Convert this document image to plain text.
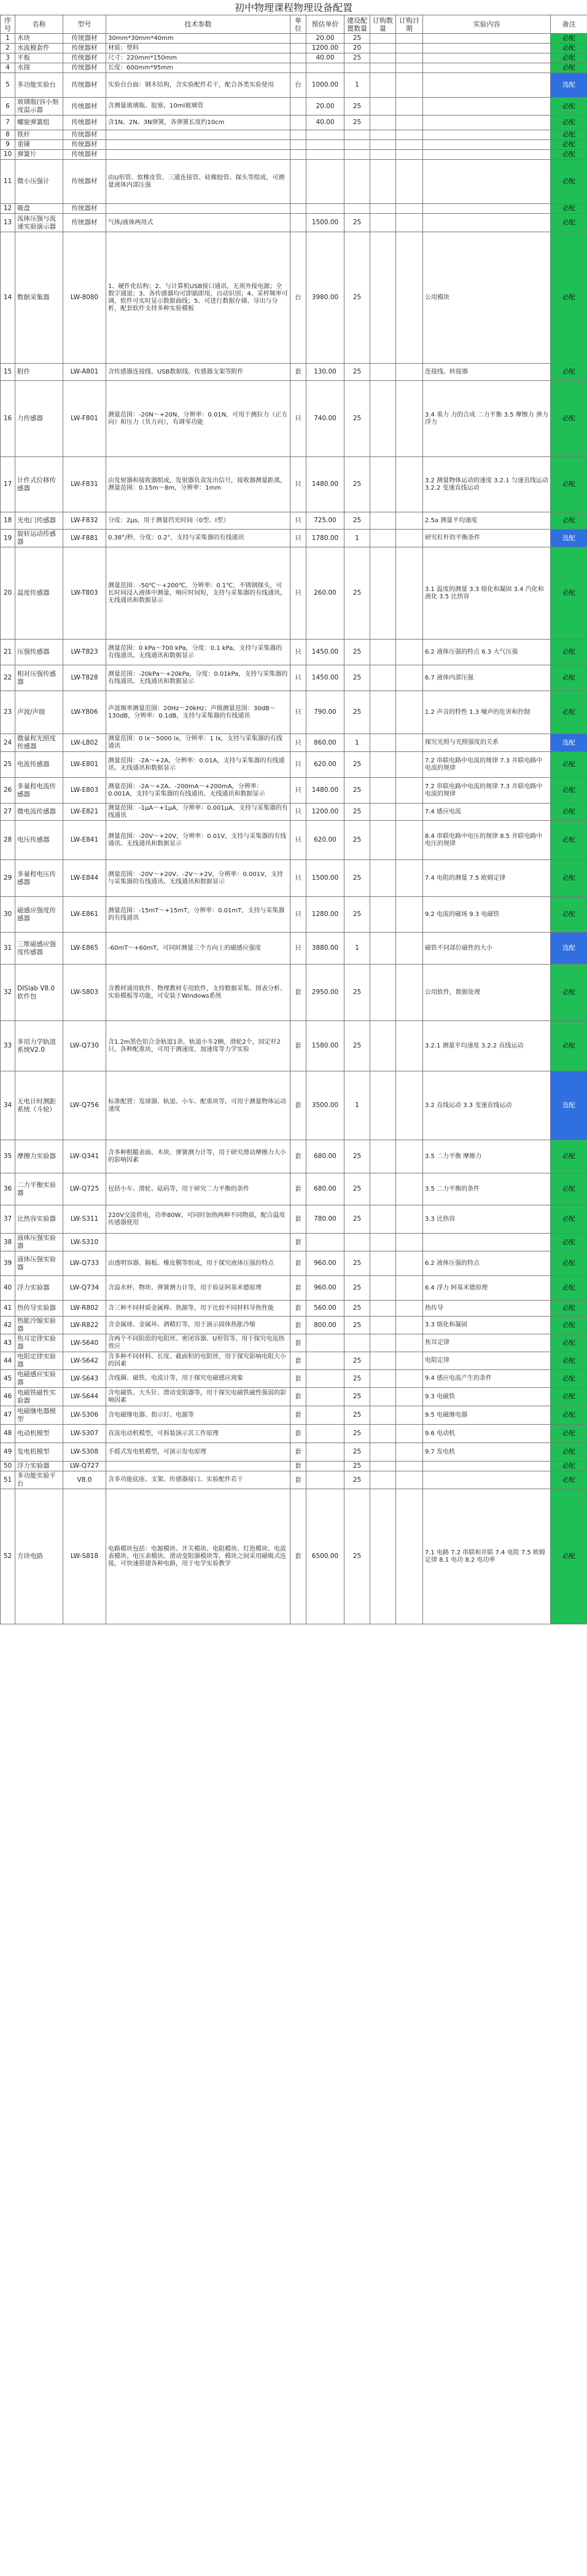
初中物理课程物理设备配置
序号	名称	型号	技术参数	单位	预估单价	建设配置数量	订购数量	订购日期	实验内容	备注
1	木块	传统器材	30mm*30mm*40mm		20.00	25				必配
2	水流模套件	传统器材	材质：塑料		1200.00	20				必配
3	平板	传统器材	尺寸：220mm*150mm		40.00	25				必配
4	水探	传统器材	长度：600mm*95mm							必配
5	多功能实验台	传统器材	实验台台面：钢木结构，含实验配件若干，配合各类实验使用	台	1000.00	1				选配
6	玻璃瓶(容小刻度温示器	传统器材	含测量玻璃瓶、胶塞、10ml玻璃管		20.00	25				必配
7	螺旋弹簧组	传统器材	含1N、2N、3N弹簧，各弹簧长度约10cm		40.00	25				必配
8	铁杆	传统器材								必配
9	重锤	传统器材								必配
10	弹簧片	传统器材								必配
11	微小压强计	传统器材	由U形管、软橡皮管、三通连接管、硅橡胶管、探头等组成，可测量液体内部压强							必配
12	吸盘	传统器材								必配
13	流体压强与流速实验演示器	传统器材	气体/液体两用式		1500.00	25				必配
14	数据采集器	LW-8080	1、硬件化结构；2、与计算机USB接口通讯，无须外接电源；全数字通道；3、各传感器均可即插即用，自动识别；4、采样频率可调，软件可实时显示数据曲线；5、可进行数据存储、导出与分析，配套软件支持多种实验模板	台	3980.00	25			公用模块	必配
15	附件	LW-A801	含传感器连接线、USB数据线、传感器支架等附件	套	130.00	25			连接线、转接器	必配
16	力传感器	LW-F801	测量范围：-20N～+20N，分辨率：0.01N，可用于测拉力（正方向）和压力（负方向），有调零功能	只	740.00	25			3.4 重力 力的合成 二力平衡 3.5 摩擦力 弹力 浮力	必配
17	计件式位移传感器	LW-F831	由发射器和接收器组成，发射器负责发出信号，接收器测量距离，测量范围：0.15m～8m，分辨率：1mm	只	1480.00	25			3.2 测量物体运动的速度 3.2.1 匀速直线运动 3.2.2 变速直线运动	必配
18	光电门传感器	LW-F832	分度：2μs，用于测量挡光时间（0型、I型）	只	725.00	25			2.5a 测量平均速度	必配
19	旋转运动传感器	LW-F881	0.38°/秒，分度：0.2°，支持与采集器的有线通讯	只	1780.00	1			研究杠杆的平衡条件	选配
20	温度传感器	LW-T803	测量范围：-50℃～+200℃，分辨率：0.1℃，不锈钢探头，可长时间浸入液体中测量，响应时间短，支持与采集器的有线通讯，无线通讯和数据显示	只	260.00	25			3.1 温度的测量 3.3 熔化和凝固 3.4 汽化和液化 3.5 比热容	必配
21	压强传感器	LW-T823	测量范围：0 kPa～700 kPa，分度：0.1 kPa，支持与采集器的有线通讯、无线通讯和数据显示	只	1450.00	25			6.2 液体压强的特点 6.3 大气压强	必配
22	相对压强传感器	LW-T828	测量范围：-20kPa～+20kPa，分度：0.01kPa，支持与采集器的有线通讯、无线通讯和数据显示	只	1450.00	25			6.7 液体内部压强	必配
23	声波/声级	LW-Y806	声波频率测量范围：20Hz～20kHz；声级测量范围：30dB～130dB，分辨率：0.1dB，支持与采集器的有线通讯	只	790.00	25			1.2 声音的特性 1.3 噪声的危害和控制	必配
24	微量程光照度传感器	LW-L802	测量范围：0 lx～5000 lx，分辨率：1 lx，支持与采集器的有线通讯	只	860.00	1			探究光照与光照强度的关系	选配
25	电流传感器	LW-E801	测量范围：-2A～+2A，分辨率：0.01A，支持与采集器的有线通讯、无线通讯和数据显示	只	620.00	25			7.2 串联电路中电流的规律 7.3 并联电路中电流的规律	必配
26	多量程电流传感器	LW-E803	测量范围：-2A～+2A、-200mA～+200mA，分辨率：0.001A，支持与采集器的有线通讯、无线通讯和数据显示	只	1480.00	25			7.2 串联电路中电流的规律 7.3 并联电路中电流的规律	必配
27	微电流传感器	LW-E821	测量范围：-1μA～+1μA，分辨率：0.001μA，支持与采集器的有线通讯	只	1200.00	25			7.4 感应电流	必配
28	电压传感器	LW-E841	测量范围：-20V～+20V，分辨率：0.01V，支持与采集器的有线通讯、无线通讯和数据显示	只	620.00	25			8.4 串联电路中电压的规律 8.5 并联电路中电压的规律	必配
29	多量程电压传感器	LW-E844	测量范围：-20V～+20V、-2V～+2V，分辨率：0.001V，支持与采集器的有线通讯、无线通讯和数据显示	只	1500.00	25			7.4 电阻的测量 7.5 欧姆定律	必配
30	磁感应强度传感器	LW-E861	测量范围：-15mT～+15mT，分辨率：0.01mT，支持与采集器的有线通讯	只	1280.00	25			9.2 电流的磁场 9.3 电磁铁	必配
31	三维磁感应强度传感器	LW-E865	-60mT～+60mT，可同时测量三个方向上的磁感应强度	只	3880.00	1			磁铁不同部位磁性的大小	选配
32	DISlab V8.0软件包	LW-S803	含教材通用软件、物理教材专用软件，支持数据采集、图表分析、实验模板等功能，可安装于Windows系统	套	2950.00	25			公用软件，数据处理	必配
33	多用力学轨道系统V2.0	LW-Q730	含1.2m黑色铝合金轨道1条，轨道小车2辆，滑轮2个，固定杆2只，各种配重块，可用于测速度、加速度等力学实验	套	1580.00	25			3.2.1 测量平均速度 3.2.2 直线运动	必配
34	无电计时测距系统（斗轮）	LW-Q756	标准配置：发球器、轨道、小车、配重块等，可用于测量物体运动速度	套	3500.00	1			3.2 直线运动 3.3 变速直线运动	选配
35	摩擦力实验器	LW-Q341	含多种粗糙表面、木块、弹簧测力计等，用于研究滑动摩擦力大小的影响因素	套	680.00	25			3.5 二力平衡 摩擦力	必配
36	二力平衡实验器	LW-Q725	包括小车、滑轮、砝码等，用于研究二力平衡的条件	套	680.00	25			3.5 二力平衡的条件	必配
37	比热容实验器	LW-S311	220V交流供电，功率80W，可同时加热两种不同物质，配合温度传感器使用	套	780.00	25			3.3 比热容	必配
38	液体压强实验器	LW-S310		套						必配
39	液体压强实验器	LW-Q733	由透明容器、隔板、橡皮膜等组成，用于探究液体压强的特点	套	960.00	25			6.2 液体压强的特点	必配
40	浮力实验器	LW-Q734	含溢水杯、物块、弹簧测力计等，用于验证阿基米德原理	套	960.00	25			6.4 浮力 阿基米德原理	必配
41	热传导实验器	LW-R802	含三种不同材质金属棒、热源等，用于比较不同材料导热性能	套	560.00	25			热传导	必配
42	热胀冷缩实验器	LW-R822	含金属球、金属环、酒精灯等，用于演示固体热胀冷缩	套	800.00	25			3.3 熔化和凝固	必配
43	焦耳定律实验器	LW-S640	含两个不同阻值的电阻丝、密闭容器、U形管等，用于探究电流热效应	套					焦耳定律	必配
44	电阻定律实验器	LW-S642	含多种不同材料、长度、截面积的电阻丝，用于探究影响电阻大小的因素	套		25			电阻定律	必配
45	电磁感应实验器	LW-S643	含线圈、磁铁、电流计等，用于探究电磁感应现象	套		25			9.4 感应电流产生的条件	必配
46	电磁铁磁性实验器	LW-S644	含电磁铁、大头针、滑动变阻器等，用于探究电磁铁磁性强弱的影响因素	套		25			9.3 电磁铁	必配
47	电磁继电器模型	LW-S306	含电磁继电器、指示灯、电源等	套		25			9.5 电磁继电器	必配
48	电动机模型	LW-S307	直流电动机模型，可拆装演示其工作原理	套		25			9.6 电动机	必配
49	发电机模型	LW-S308	手摇式发电机模型，可演示发电原理	套		25			9.7 发电机	必配
50	浮力实验器	LW-Q727		套		25				必配
51	多功能实验平台	V8.0	含多功能底座、支架、传感器接口、实验配件若干	套		25				必配
52	方块电路	LW-S818	电路模块包括：电源模块、开关模块、电阻模块、灯泡模块、电流表模块、电压表模块、滑动变阻器模块等，模块之间采用磁吸式连接，可快速搭建各种电路，用于电学实验教学	套	6500.00	25			7.1 电路 7.2 串联和并联 7.4 电阻 7.5 欧姆定律 8.1 电功 8.2 电功率	必配
